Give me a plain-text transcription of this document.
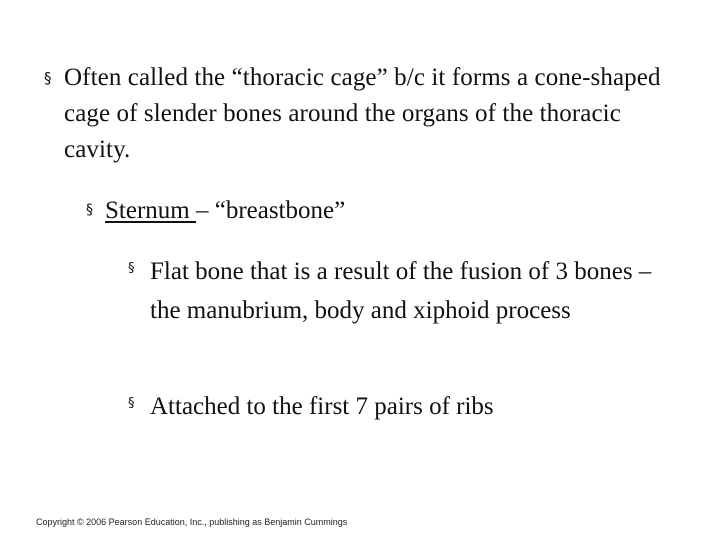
§ Often called the “thoracic cage” b/c it forms a cone-shaped cage of slender bones around the organs of the thoracic cavity.
§ Sternum – “breastbone”
§ Flat bone that is a result of the fusion of 3 bones – the manubrium, body and xiphoid process
§ Attached to the first 7 pairs of ribs
Copyright © 2006 Pearson Education, Inc., publishing as Benjamin Cummings
